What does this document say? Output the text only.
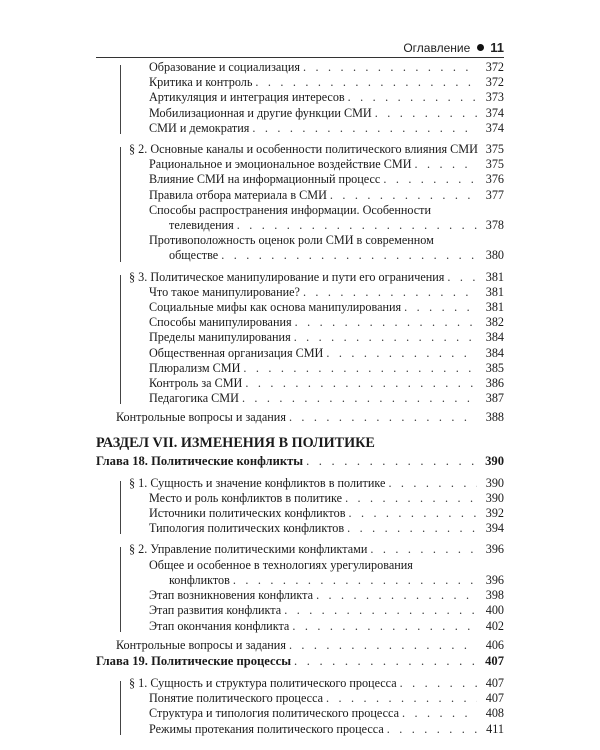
Оглавление 11
Образование и социализация . . .	372
Критика и контроль . . .	372
Артикуляция и интеграция интересов . . .	373
Мобилизационная и другие функции СМИ . . .	374
СМИ и демократия . . .	374
§ 2. Основные каналы и особенности политического влияния СМИ 375
Рациональное и эмоциональное воздействие СМИ . . .	375
Влияние СМИ на информационный процесс . . .	376
Правила отбора материала в СМИ . . .	377
Способы распространения информации. Особенности
телевидения . . .	378
Противоположность оценок роли СМИ в современном
обществе . . .	380
§ 3. Политическое манипулирование и пути его ограничения . . .	381
Что такое манипулирование? . . .	381
Социальные мифы как основа манипулирования . . .	381
Способы манипулирования . . .	382
Пределы манипулирования . . .	384
Общественная организация СМИ . . .	384
Плюрализм СМИ . . .	385
Контроль за СМИ . . .	386
Педагогика СМИ . . .	387
Контрольные вопросы и задания . . .	388
РАЗДЕЛ VII. ИЗМЕНЕНИЯ В ПОЛИТИКЕ
Глава 18. Политические конфликты . . .	390
§ 1. Сущность и значение конфликтов в политике . . .	390
Место и роль конфликтов в политике . . .	390
Источники политических конфликтов . . .	392
Типология политических конфликтов . . .	394
§ 2. Управление политическими конфликтами . . .	396
Общее и особенное в технологиях урегулирования
конфликтов . . .	396
Этап возникновения конфликта . . .	398
Этап развития конфликта . . .	400
Этап окончания конфликта . . .	402
Контрольные вопросы и задания . . .	406
Глава 19. Политические процессы . . .	407
§ 1. Сущность и структура политического процесса . . .	407
Понятие политического процесса . . .	407
Структура и типология политического процесса . . .	408
Режимы протекания политического процесса . . .	411
